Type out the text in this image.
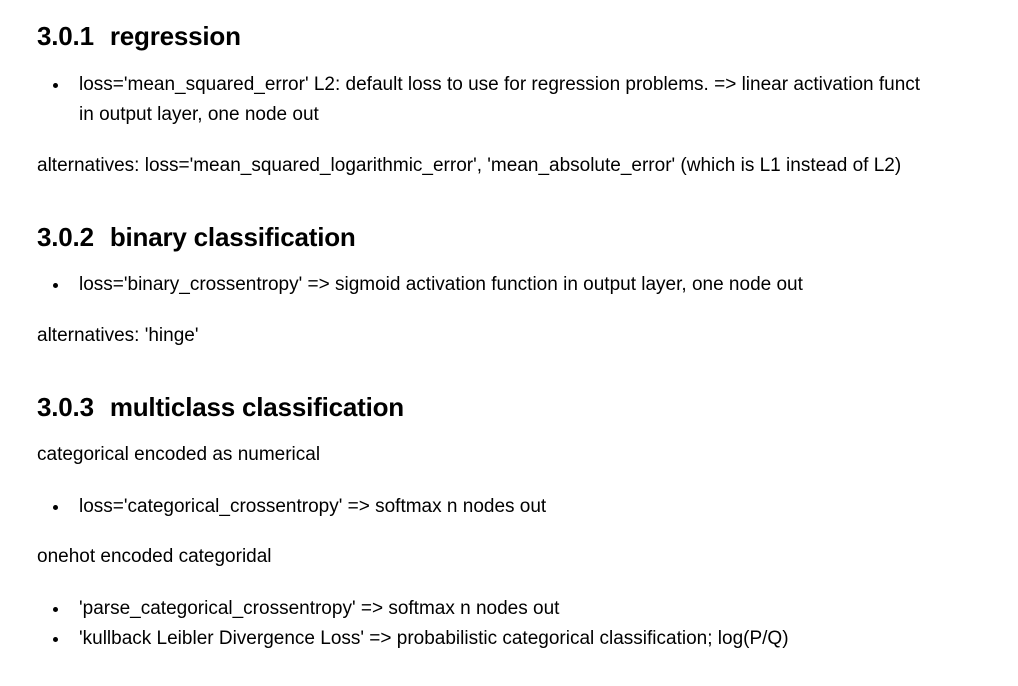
3.0.1 regression
loss='mean_squared_error' L2: default loss to use for regression problems. => linear activation funct
in output layer, one node out

alternatives: loss='mean_squared_logarithmic_error', 'mean_absolute_error' (which is L1 instead of L2)

3.0.2 binary classification
loss='binary_crossentropy' => sigmoid activation function in output layer, one node out

alternatives: 'hinge'

3.0.3 multiclass classification

categorical encoded as numerical

loss='categorical_crossentropy' => softmax n nodes out

onehot encoded categoridal

'parse_categorical_crossentropy' => softmax n nodes out
'kullback Leibler Divergence Loss' => probabilistic categorical classification; log(P/Q)
